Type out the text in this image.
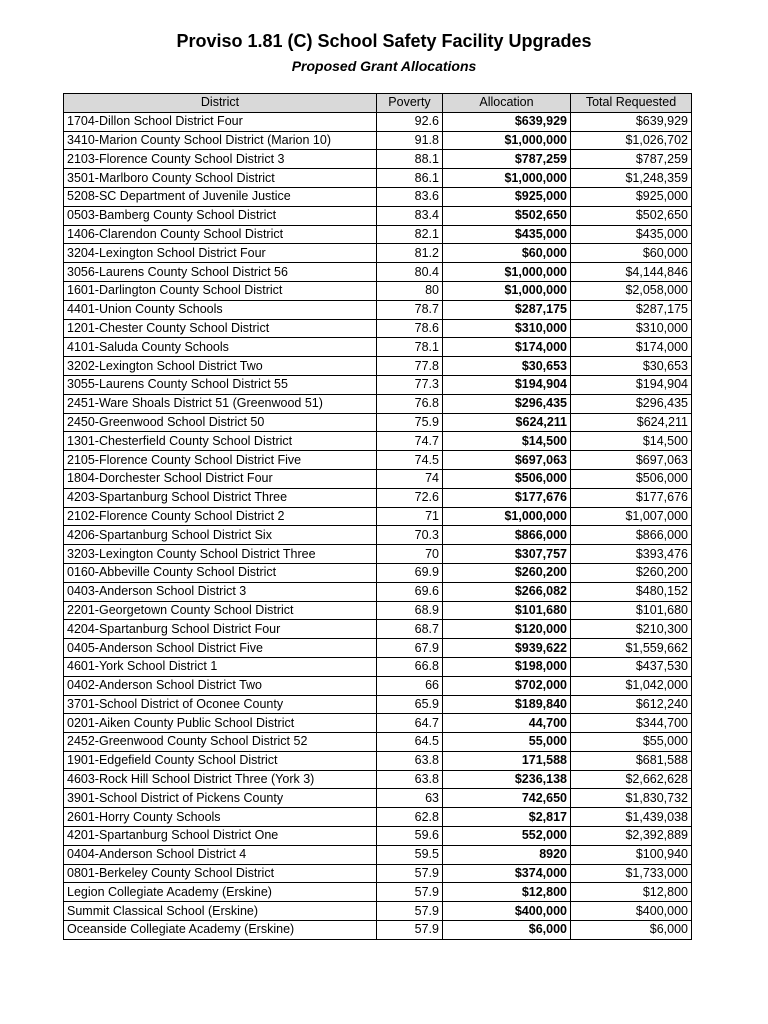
Proviso 1.81 (C) School Safety Facility Upgrades
Proposed Grant Allocations
District	Poverty	Allocation	Total Requested
1704-Dillon School District Four	92.6	$639,929	$639,929
3410-Marion County School District (Marion 10)	91.8	$1,000,000	$1,026,702
2103-Florence County School District 3	88.1	$787,259	$787,259
3501-Marlboro County School District	86.1	$1,000,000	$1,248,359
5208-SC Department of Juvenile Justice	83.6	$925,000	$925,000
0503-Bamberg County School District	83.4	$502,650	$502,650
1406-Clarendon County School District	82.1	$435,000	$435,000
3204-Lexington School District Four	81.2	$60,000	$60,000
3056-Laurens County School District 56	80.4	$1,000,000	$4,144,846
1601-Darlington County School District	80	$1,000,000	$2,058,000
4401-Union County Schools	78.7	$287,175	$287,175
1201-Chester County School District	78.6	$310,000	$310,000
4101-Saluda County Schools	78.1	$174,000	$174,000
3202-Lexington School District Two	77.8	$30,653	$30,653
3055-Laurens County School District 55	77.3	$194,904	$194,904
2451-Ware Shoals District 51 (Greenwood 51)	76.8	$296,435	$296,435
2450-Greenwood School District 50	75.9	$624,211	$624,211
1301-Chesterfield County School District	74.7	$14,500	$14,500
2105-Florence County School District Five	74.5	$697,063	$697,063
1804-Dorchester School District Four	74	$506,000	$506,000
4203-Spartanburg School District Three	72.6	$177,676	$177,676
2102-Florence County School District 2	71	$1,000,000	$1,007,000
4206-Spartanburg School District Six	70.3	$866,000	$866,000
3203-Lexington County School District Three	70	$307,757	$393,476
0160-Abbeville County School District	69.9	$260,200	$260,200
0403-Anderson School District 3	69.6	$266,082	$480,152
2201-Georgetown County School District	68.9	$101,680	$101,680
4204-Spartanburg School District Four	68.7	$120,000	$210,300
0405-Anderson School District Five	67.9	$939,622	$1,559,662
4601-York School District 1	66.8	$198,000	$437,530
0402-Anderson School District Two	66	$702,000	$1,042,000
3701-School District of Oconee County	65.9	$189,840	$612,240
0201-Aiken County Public School District	64.7	44,700	$344,700
2452-Greenwood County School District 52	64.5	55,000	$55,000
1901-Edgefield County School District	63.8	171,588	$681,588
4603-Rock Hill School District Three (York 3)	63.8	$236,138	$2,662,628
3901-School District of Pickens County	63	742,650	$1,830,732
2601-Horry County Schools	62.8	$2,817	$1,439,038
4201-Spartanburg School District One	59.6	552,000	$2,392,889
0404-Anderson School District 4	59.5	8920	$100,940
0801-Berkeley County School District	57.9	$374,000	$1,733,000
Legion Collegiate Academy (Erskine)	57.9	$12,800	$12,800
Summit Classical School (Erskine)	57.9	$400,000	$400,000
Oceanside Collegiate Academy (Erskine)	57.9	$6,000	$6,000
